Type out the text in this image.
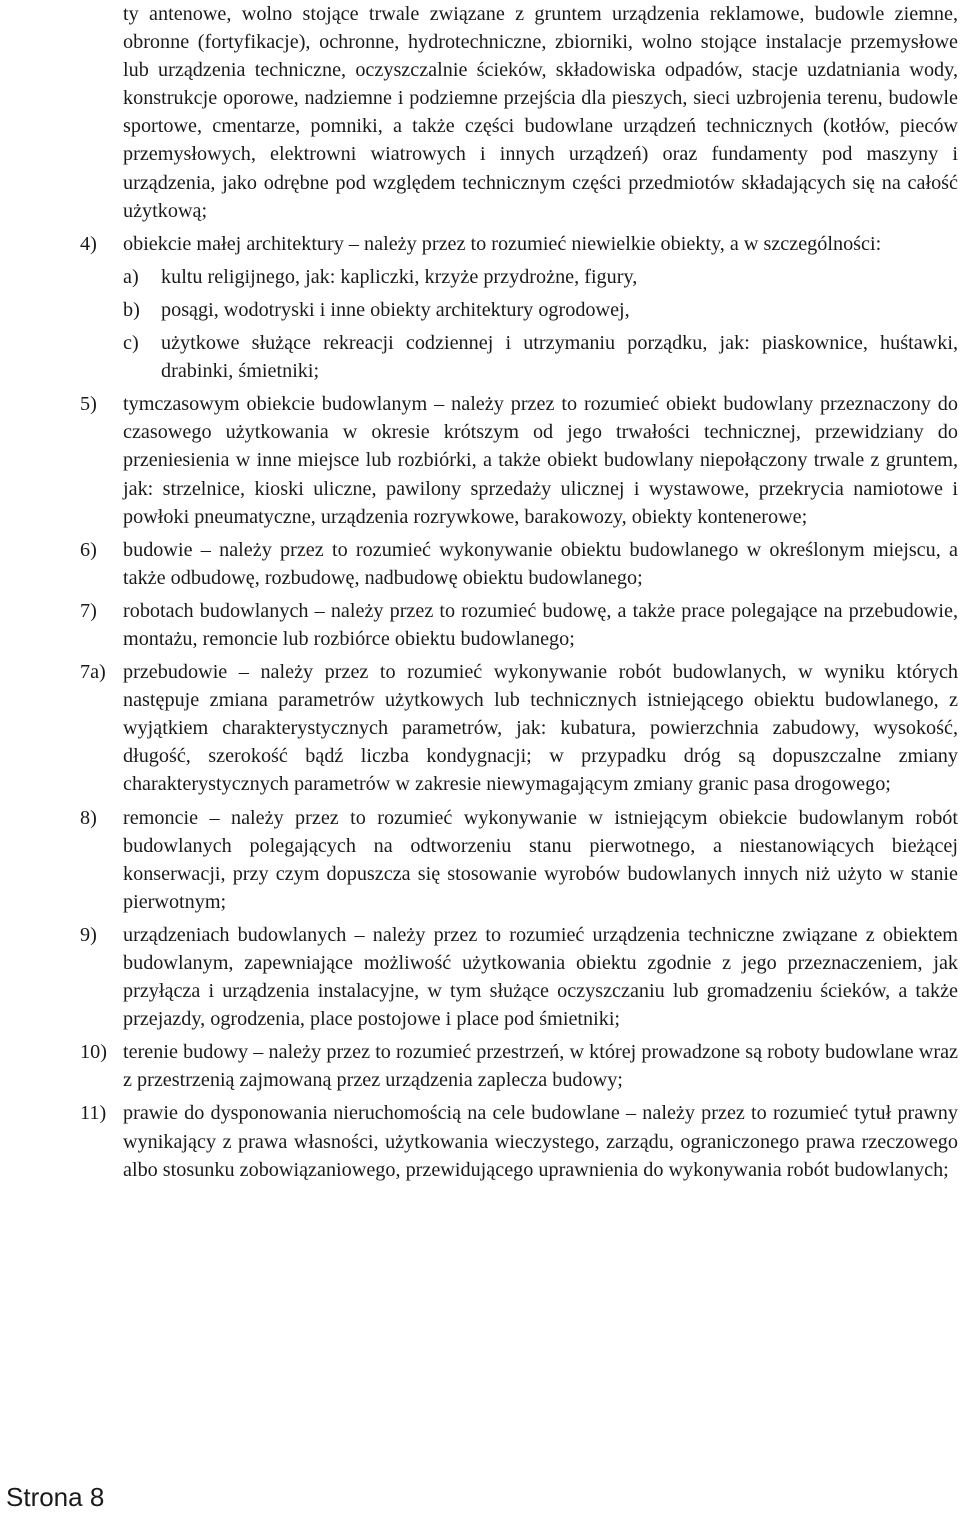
ty antenowe, wolno stojące trwale związane z gruntem urządzenia reklamowe, budowle ziemne, obronne (fortyfikacje), ochronne, hydrotechniczne, zbiorniki, wolno stojące instalacje przemysłowe lub urządzenia techniczne, oczyszczalnie ścieków, składowiska odpadów, stacje uzdatniania wody, konstrukcje oporowe, nadziemne i podziemne przejścia dla pieszych, sieci uzbrojenia terenu, budowle sportowe, cmentarze, pomniki, a także części budowlane urządzeń technicznych (kotłów, pieców przemysłowych, elektrowni wiatrowych i innych urządzeń) oraz fundamenty pod maszyny i urządzenia, jako odrębne pod względem technicznym części przedmiotów składających się na całość użytkową;
4)	obiekcie małej architektury – należy przez to rozumieć niewielkie obiekty, a w szczególności:
a)	kultu religijnego, jak: kapliczki, krzyże przydrożne, figury,
b)	posągi, wodotryski i inne obiekty architektury ogrodowej,
c)	użytkowe służące rekreacji codziennej i utrzymaniu porządku, jak: piaskownice, huśtawki, drabinki, śmietniki;
5)	tymczasowym obiekcie budowlanym – należy przez to rozumieć obiekt budowlany przeznaczony do czasowego użytkowania w okresie krótszym od jego trwałości technicznej, przewidziany do przeniesienia w inne miejsce lub rozbiórki, a także obiekt budowlany niepołączony trwale z gruntem, jak: strzelnice, kioski uliczne, pawilony sprzedaży ulicznej i wystawowe, przekrycia namiotowe i powłoki pneumatyczne, urządzenia rozrywkowe, barakowozy, obiekty kontenerowe;
6)	budowie – należy przez to rozumieć wykonywanie obiektu budowlanego w określonym miejscu, a także odbudowę, rozbudowę, nadbudowę obiektu budowlanego;
7)	robotach budowlanych – należy przez to rozumieć budowę, a także prace polegające na przebudowie, montażu, remoncie lub rozbiórce obiektu budowlanego;
7a) przebudowie – należy przez to rozumieć wykonywanie robót budowlanych, w wyniku których następuje zmiana parametrów użytkowych lub technicznych istniejącego obiektu budowlanego, z wyjątkiem charakterystycznych parametrów, jak: kubatura, powierzchnia zabudowy, wysokość, długość, szerokość bądź liczba kondygnacji; w przypadku dróg są dopuszczalne zmiany charakterystycznych parametrów w zakresie niewymagającym zmiany granic pasa drogowego;
8)	remoncie – należy przez to rozumieć wykonywanie w istniejącym obiekcie budowlanym robót budowlanych polegających na odtworzeniu stanu pierwotnego, a niestanowiących bieżącej konserwacji, przy czym dopuszcza się stosowanie wyrobów budowlanych innych niż użyto w stanie pierwotnym;
9)	urządzeniach budowlanych – należy przez to rozumieć urządzenia techniczne związane z obiektem budowlanym, zapewniające możliwość użytkowania obiektu zgodnie z jego przeznaczeniem, jak przyłącza i urządzenia instalacyjne, w tym służące oczyszczaniu lub gromadzeniu ścieków, a także przejazdy, ogrodzenia, place postojowe i place pod śmietniki;
10) terenie budowy – należy przez to rozumieć przestrzeń, w której prowadzone są roboty budowlane wraz z przestrzenią zajmowaną przez urządzenia zaplecza budowy;
11) prawie do dysponowania nieruchomością na cele budowlane – należy przez to rozumieć tytuł prawny wynikający z prawa własności, użytkowania wieczystego, zarządu, ograniczonego prawa rzeczowego albo stosunku zobowiązaniowego, przewidującego uprawnienia do wykonywania robót budowlanych;
Strona 8
